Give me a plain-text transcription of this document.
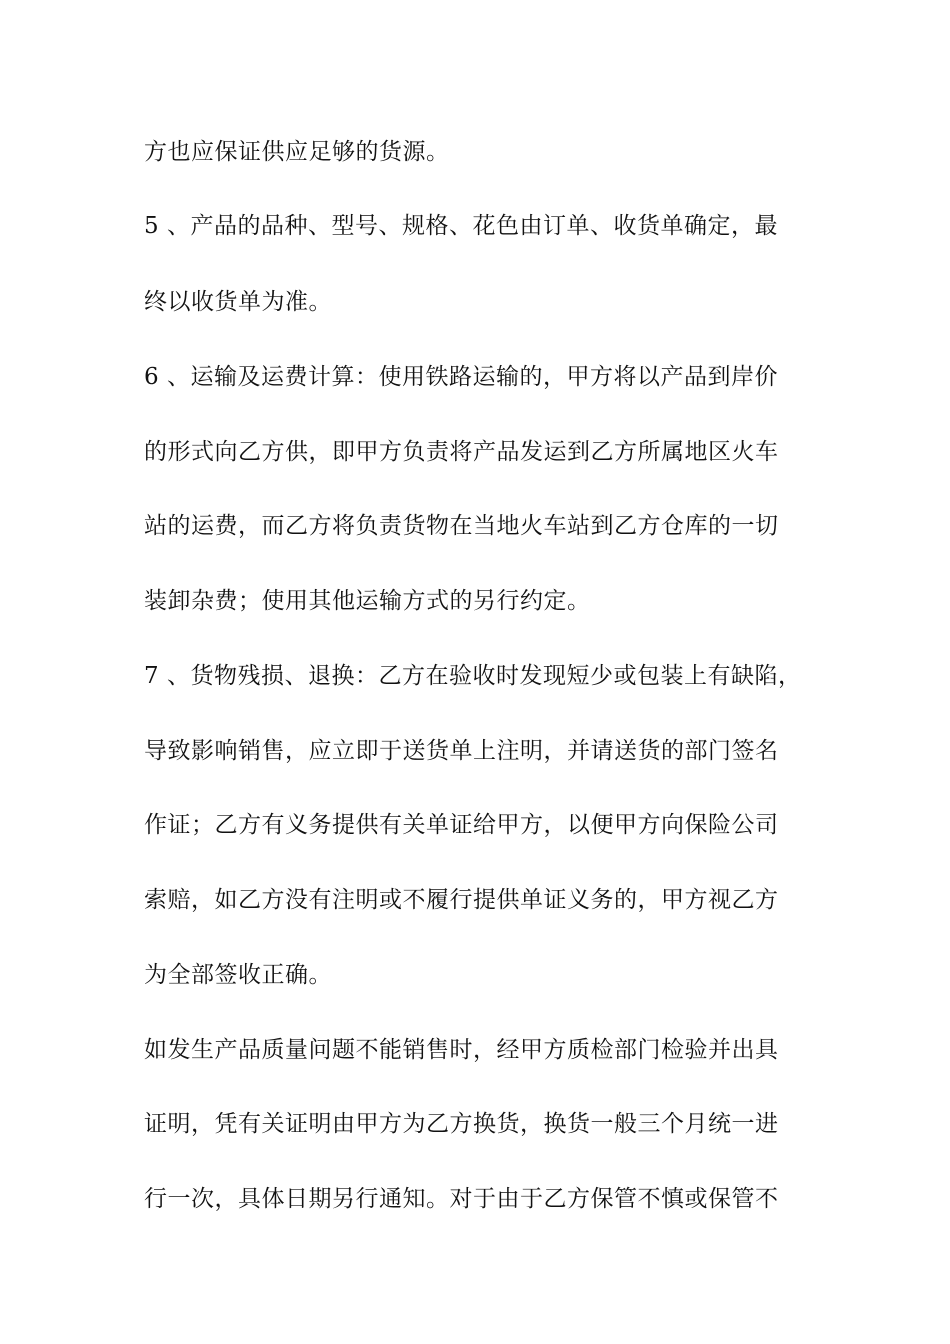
方也应保证供应足够的货源。
5 、产品的品种、型号、规格、花色由订单、收货单确定，最
终以收货单为准。
6 、运输及运费计算：使用铁路运输的，甲方将以产品到岸价
的形式向乙方供，即甲方负责将产品发运到乙方所属地区火车
站的运费，而乙方将负责货物在当地火车站到乙方仓库的一切
装卸杂费；使用其他运输方式的另行约定。
7 、货物残损、退换：乙方在验收时发现短少或包装上有缺陷，
导致影响销售，应立即于送货单上注明，并请送货的部门签名
作证；乙方有义务提供有关单证给甲方，以便甲方向保险公司
索赔，如乙方没有注明或不履行提供单证义务的，甲方视乙方
为全部签收正确。
如发生产品质量问题不能销售时，经甲方质检部门检验并出具
证明，凭有关证明由甲方为乙方换货，换货一般三个月统一进
行一次，具体日期另行通知。对于由于乙方保管不慎或保管不
